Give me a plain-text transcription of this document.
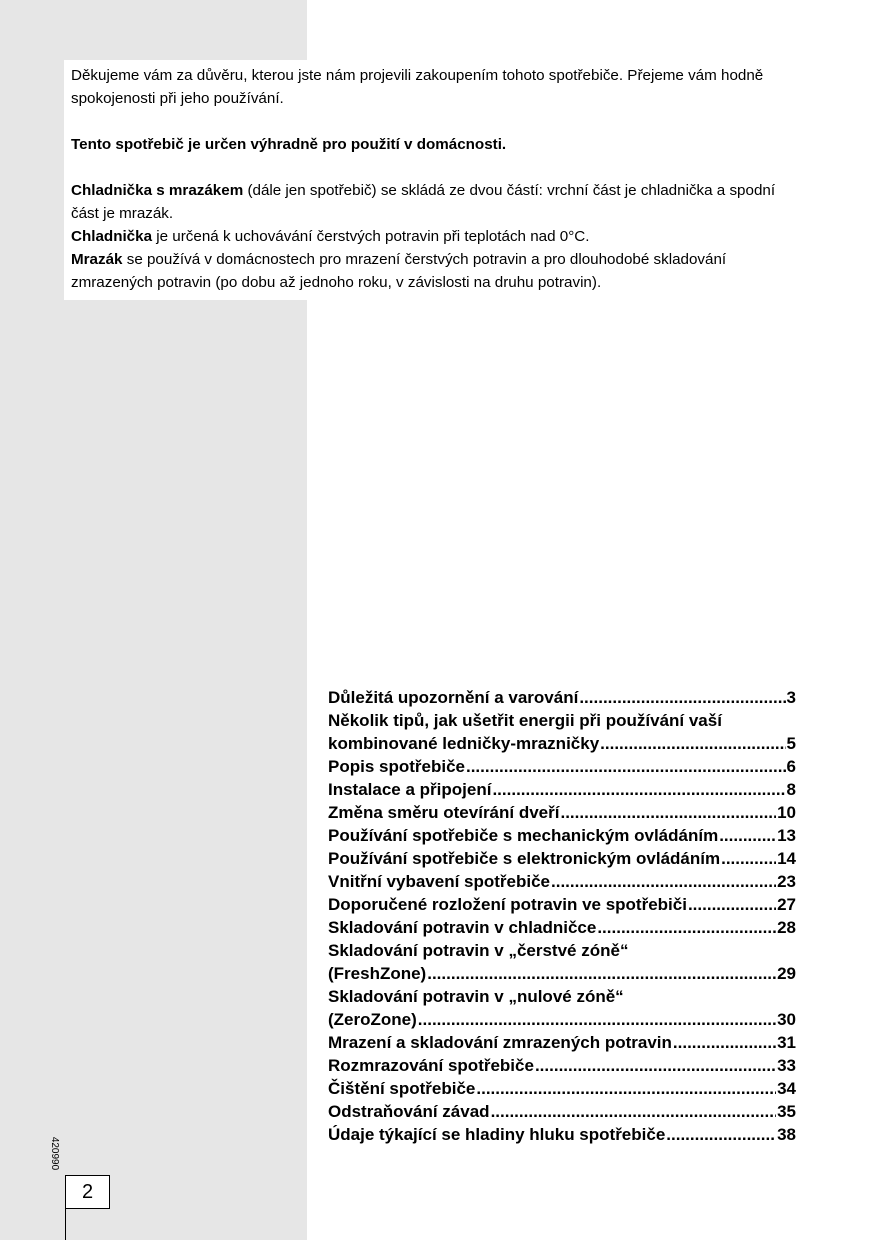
Děkujeme vám za důvěru, kterou jste nám projevili zakoupením tohoto spotřebiče. Přejeme vám hodně spokojenosti při jeho používání.

Tento spotřebič je určen výhradně pro použití v domácnosti.

Chladnička s mrazákem (dále jen spotřebič) se skládá ze dvou částí: vrchní část je chladnička a spodní část je mrazák.

Chladnička je určená k uchovávání čerstvých potravin při teplotách nad 0°C.

Mrazák se používá v domácnostech pro mrazení čerstvých potravin a pro dlouhodobé skladování zmrazených potravin (po dobu až jednoho roku, v závislosti na druhu potravin).

Důležitá upozornění a varování .....	3
Několik tipů, jak ušetřit energii při používání vaší
kombinované ledničky-mrazničky .....	5
Popis spotřebiče .....	6
Instalace a připojení .....	8
Změna směru otevírání dveří .....	10
Používání spotřebiče s mechanickým ovládáním .....	13
Používání spotřebiče s elektronickým ovládáním .....	14
Vnitřní vybavení spotřebiče .....	23
Doporučené rozložení potravin ve spotřebiči .....	27
Skladování potravin v chladničce .....	28
Skladování potravin v „čerstvé zóně“
(FreshZone) .....	29
Skladování potravin v „nulové zóně“
(ZeroZone) .....	30
Mrazení a skladování zmrazených potravin .....	31
Rozmrazování spotřebiče .....	33
Čištění spotřebiče .....	34
Odstraňování závad .....	35
Údaje týkající se hladiny hluku spotřebiče .....	38
420990
2
